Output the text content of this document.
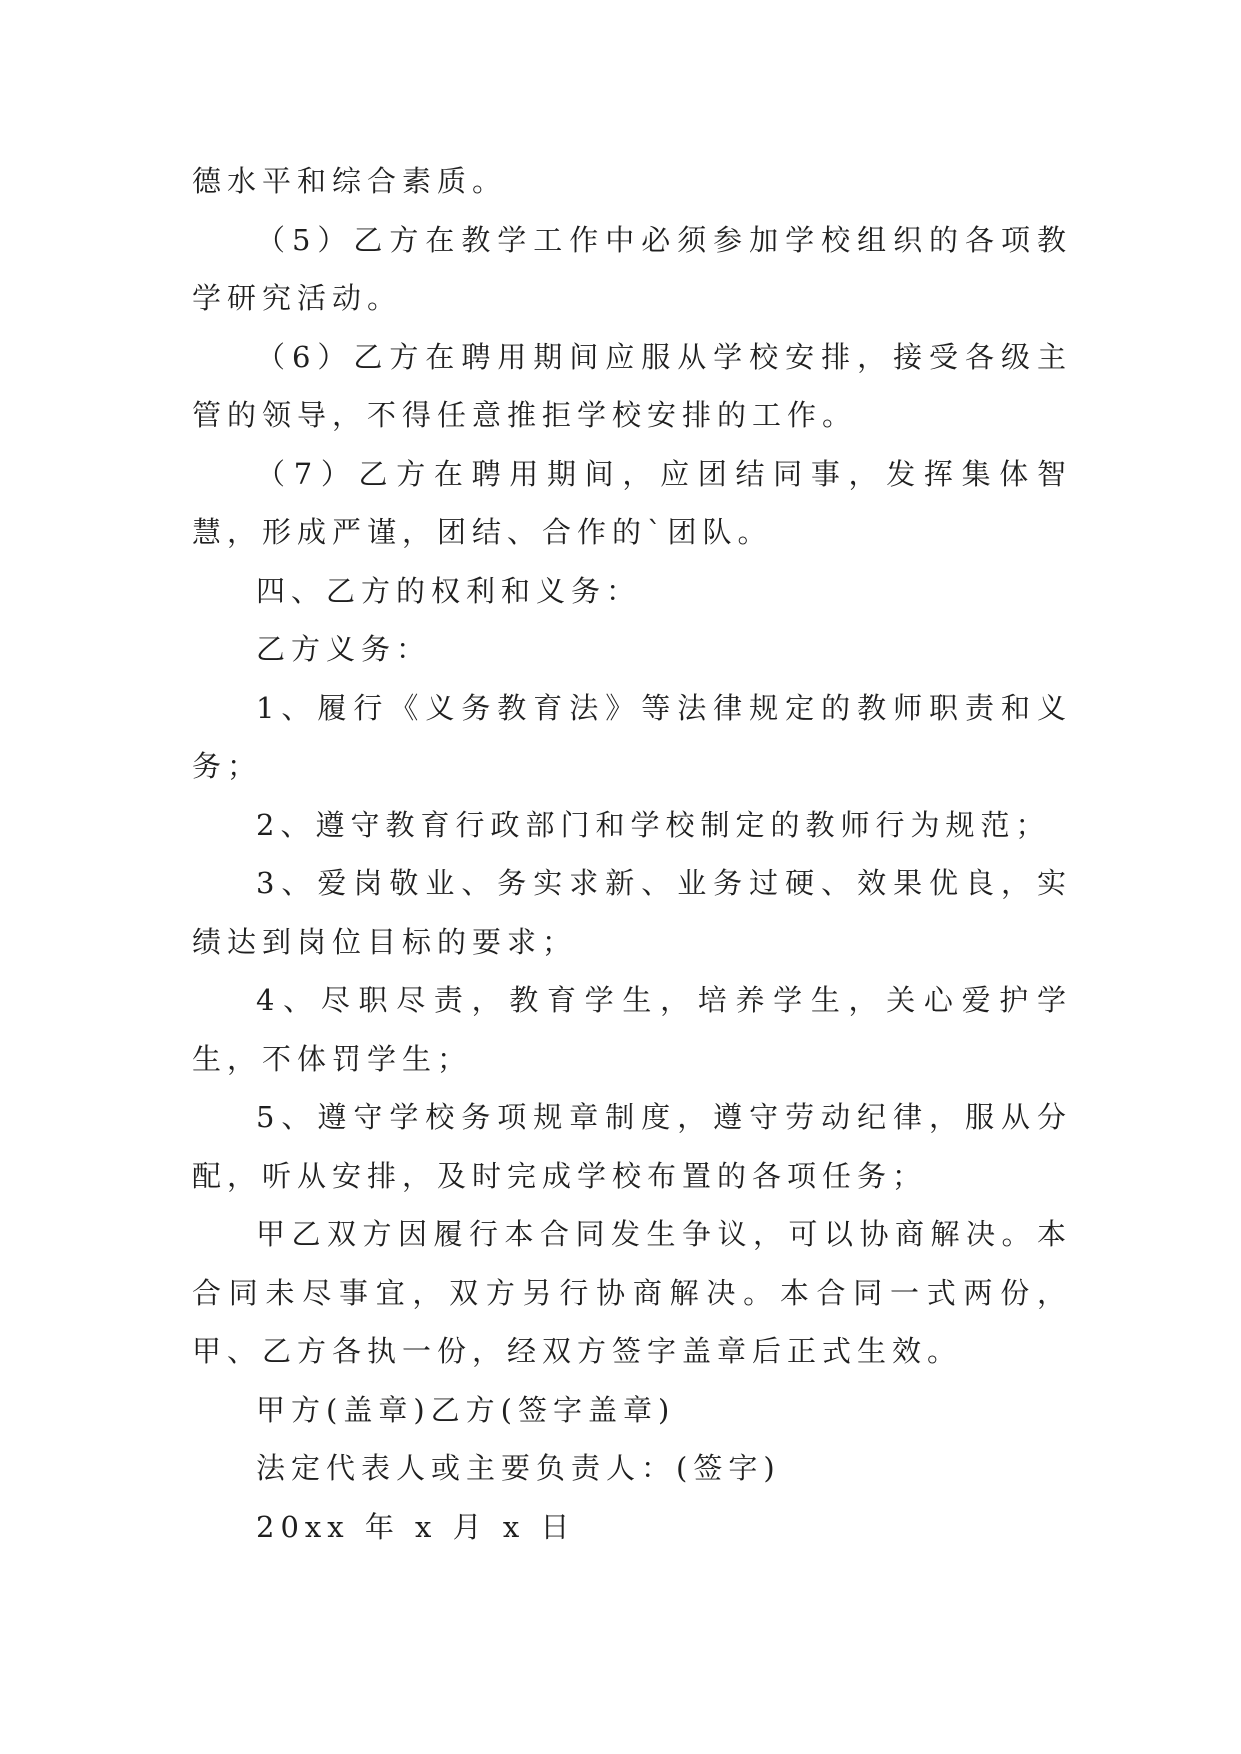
德水平和综合素质。

（5）乙方在教学工作中必须参加学校组织的各项教学研究活动。

（6）乙方在聘用期间应服从学校安排，接受各级主管的领导，不得任意推拒学校安排的工作。

（7）乙方在聘用期间，应团结同事，发挥集体智慧，形成严谨，团结、合作的`团队。

四、乙方的权利和义务：

乙方义务：

1、履行《义务教育法》等法律规定的教师职责和义务；

2、遵守教育行政部门和学校制定的教师行为规范；

3、爱岗敬业、务实求新、业务过硬、效果优良，实绩达到岗位目标的要求；

4、尽职尽责，教育学生，培养学生，关心爱护学生，不体罚学生；

5、遵守学校务项规章制度，遵守劳动纪律，服从分配，听从安排，及时完成学校布置的各项任务；

甲乙双方因履行本合同发生争议，可以协商解决。本合同未尽事宜，双方另行协商解决。本合同一式两份，甲、乙方各执一份，经双方签字盖章后正式生效。

甲方(盖章)乙方(签字盖章)

法定代表人或主要负责人：(签字)

20xx 年 x 月 x 日
